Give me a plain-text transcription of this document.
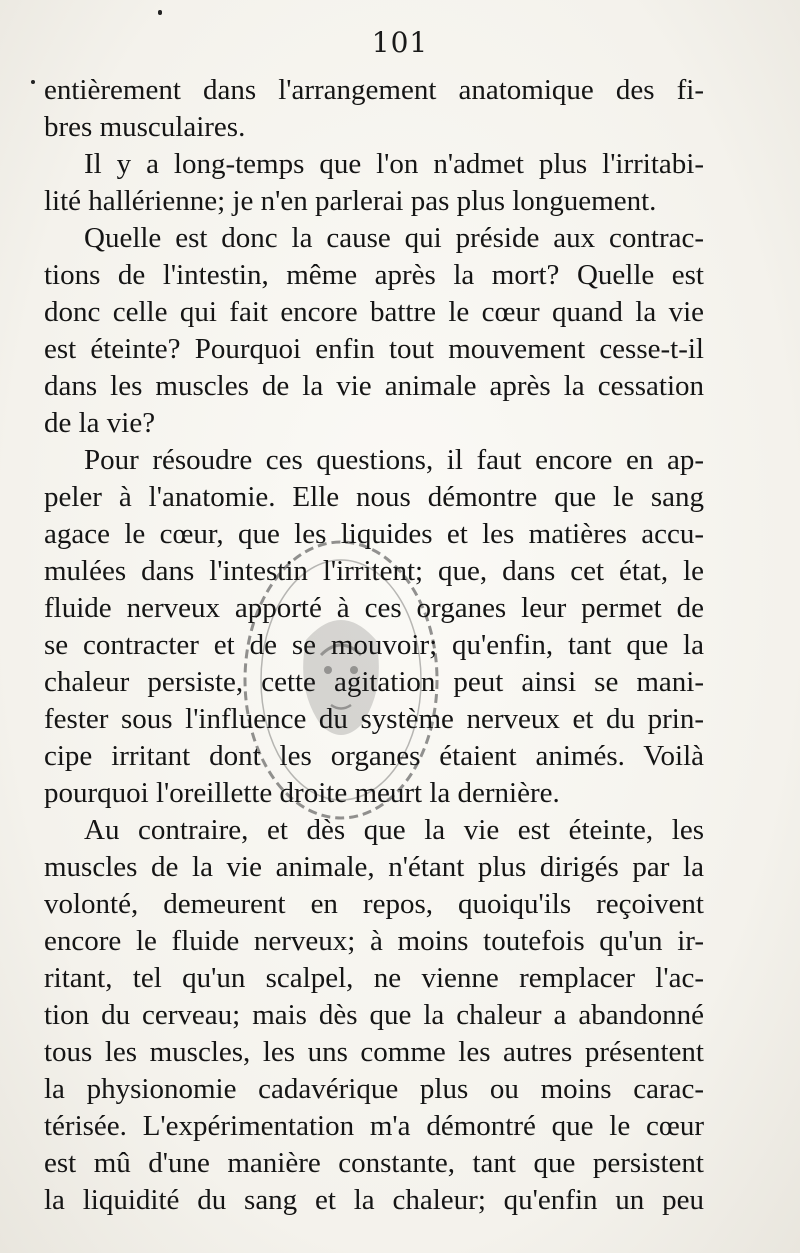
101
entièrement dans l'arrangement anatomique des fi-
bres musculaires.
Il y a long-temps que l'on n'admet plus l'irritabi-
lité hallérienne; je n'en parlerai pas plus longuement.
Quelle est donc la cause qui préside aux contrac-
tions de l'intestin, même après la mort? Quelle est
donc celle qui fait encore battre le cœur quand la vie
est éteinte? Pourquoi enfin tout mouvement cesse-t-il
dans les muscles de la vie animale après la cessation
de la vie?
Pour résoudre ces questions, il faut encore en ap-
peler à l'anatomie. Elle nous démontre que le sang
agace le cœur, que les liquides et les matières accu-
mulées dans l'intestin l'irritent; que, dans cet état, le
fluide nerveux apporté à ces organes leur permet de
se contracter et de se mouvoir; qu'enfin, tant que la
chaleur persiste, cette agitation peut ainsi se mani-
fester sous l'influence du système nerveux et du prin-
cipe irritant dont les organes étaient animés. Voilà
pourquoi l'oreillette droite meurt la dernière.
Au contraire, et dès que la vie est éteinte, les
muscles de la vie animale, n'étant plus dirigés par la
volonté, demeurent en repos, quoiqu'ils reçoivent
encore le fluide nerveux; à moins toutefois qu'un ir-
ritant, tel qu'un scalpel, ne vienne remplacer l'ac-
tion du cerveau; mais dès que la chaleur a abandonné
tous les muscles, les uns comme les autres présentent
la physionomie cadavérique plus ou moins carac-
térisée. L'expérimentation m'a démontré que le cœur
est mû d'une manière constante, tant que persistent
la liquidité du sang et la chaleur; qu'enfin un peu
